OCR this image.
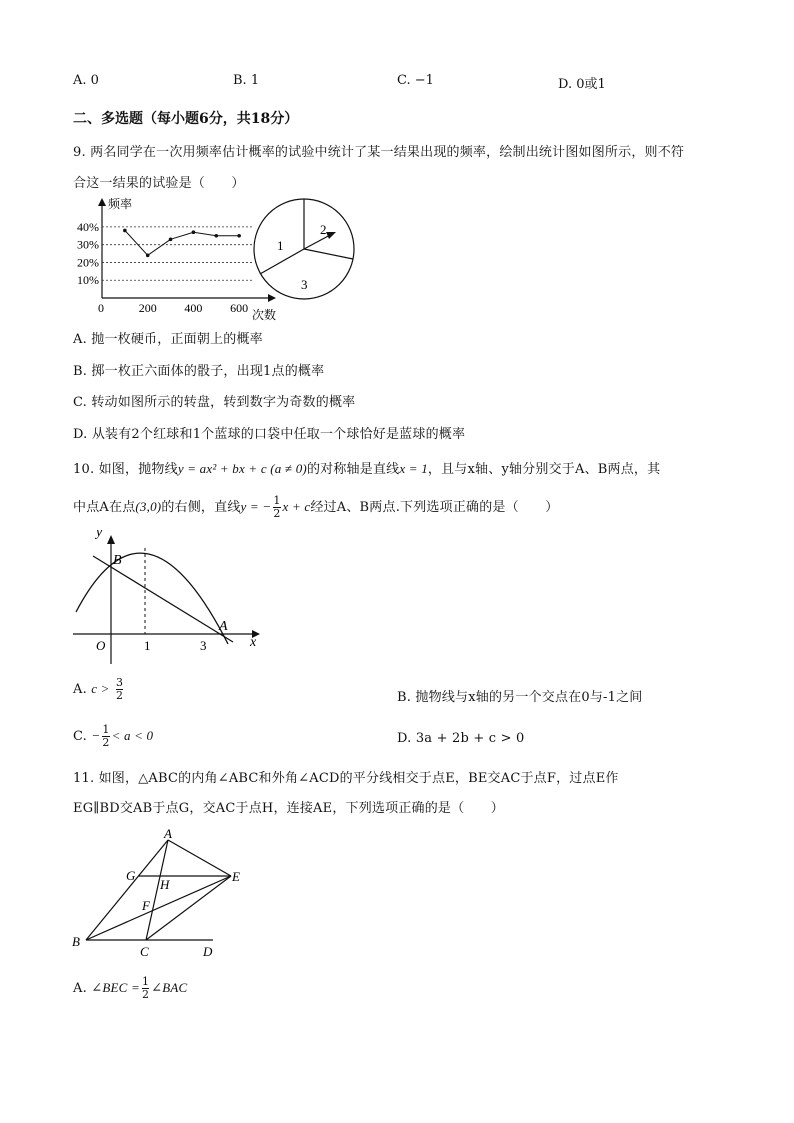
A. 0	B. 1	C. −1	D. 0或1
二、多选题（每小题6分，共18分）
9. 两名同学在一次用频率估计概率的试验中统计了某一结果出现的频率，绘制出统计图如图所示，则不符
合这一结果的试验是（　　）
10%
20%
30%
40%
0	200 400 600
频率
次数
1
2
3
A. 抛一枚硬币，正面朝上的概率
B. 掷一枚正六面体的骰子，出现1点的概率
C. 转动如图所示的转盘，转到数字为奇数的概率
D. 从装有2个红球和1个蓝球的口袋中任取一个球恰好是蓝球的概率
10. 如图，抛物线y = ax² + bx + c (a ≠ 0)的对称轴是直线x = 1，且与x轴、y轴分别交于A、B两点，其
中点A在点(3,0)的右侧，直线y = − $\frac{1}{2}$ x + c经过A、B两点.下列选项正确的是（　　）
y
x
O
B
A
1	3
A. $c > \frac{3}{2}$	B. 抛物线与x轴的另一个交点在0与-1之间
C. − $\frac{1}{2} < a < 0$	D. 3a + 2b + c > 0
11. 如图，△ABC的内角∠ABC和外角∠ACD的平分线相交于点E，BE交AC于点F，过点E作
EG∥BD交AB于点G，交AC于点H，连接AE，下列选项正确的是（　　）
A
B
C	D
E
F
G
H
A. ∠BEC = $\frac{1}{2}$ ∠BAC
